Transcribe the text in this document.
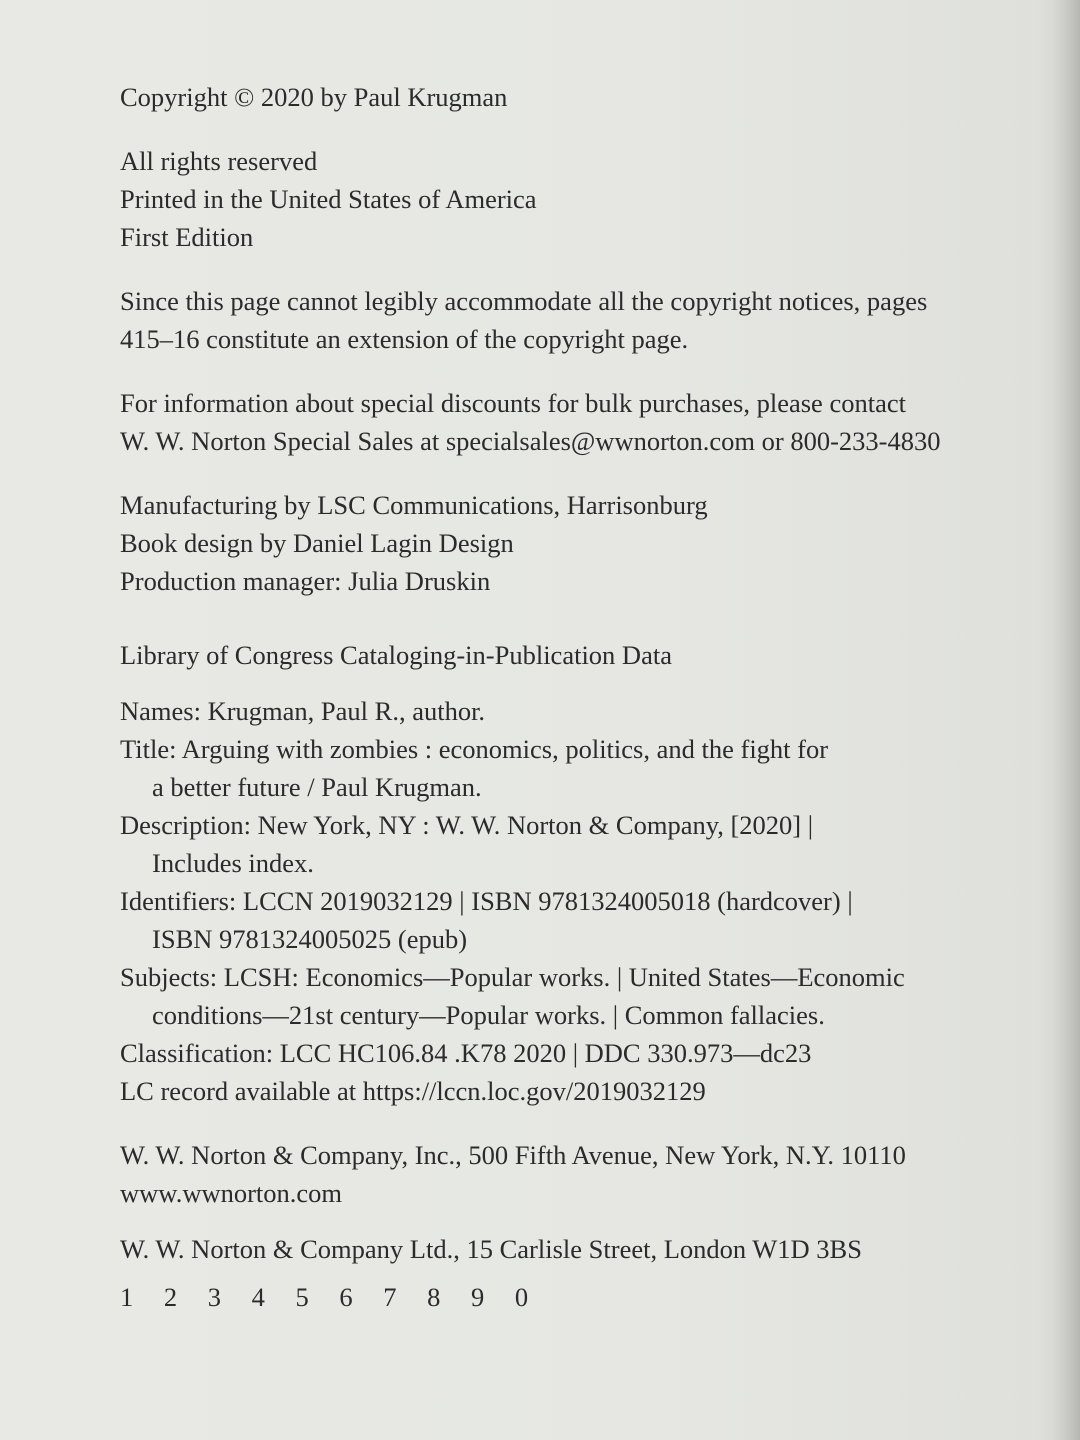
Copyright © 2020 by Paul Krugman

All rights reserved

Printed in the United States of America

First Edition

Since this page cannot legibly accommodate all the copyright notices, pages

415–16 constitute an extension of the copyright page.

For information about special discounts for bulk purchases, please contact

W. W. Norton Special Sales at specialsales@wwnorton.com or 800-233-4830

Manufacturing by LSC Communications, Harrisonburg

Book design by Daniel Lagin Design

Production manager: Julia Druskin

Library of Congress Cataloging-in-Publication Data

Names: Krugman, Paul R., author.

Title: Arguing with zombies : economics, politics, and the fight for

a better future / Paul Krugman.

Description: New York, NY : W. W. Norton & Company, [2020] |

Includes index.

Identifiers: LCCN 2019032129 | ISBN 9781324005018 (hardcover) |

ISBN 9781324005025 (epub)

Subjects: LCSH: Economics—Popular works. | United States—Economic

conditions—21st century—Popular works. | Common fallacies.

Classification: LCC HC106.84 .K78 2020 | DDC 330.973—dc23

LC record available at https://lccn.loc.gov/2019032129

W. W. Norton & Company, Inc., 500 Fifth Avenue, New York, N.Y. 10110

www.wwnorton.com

W. W. Norton & Company Ltd., 15 Carlisle Street, London W1D 3BS

1 2 3 4 5 6 7 8 9 0
